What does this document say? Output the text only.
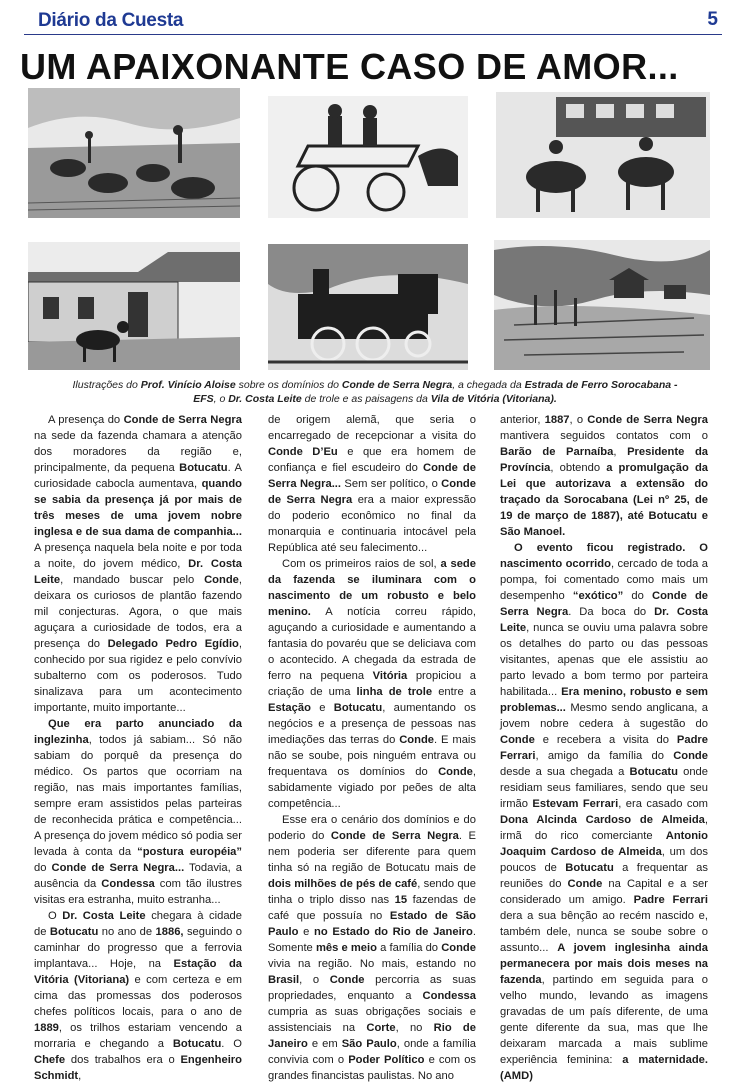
Diário da Cuesta	5
UM APAIXONANTE CASO DE AMOR...
Ilustrações do Prof. Vinício Aloise sobre os domínios do Conde de Serra Negra, a chegada da Estrada de Ferro Sorocabana - EFS, o Dr. Costa Leite de trole e as paisagens da Vila de Vitória (Vitoriana).

A presença do Conde de Serra Negra na sede da fazenda chamara a atenção dos moradores da região e, principalmente, da pequena Botucatu. A curiosidade cabocla aumentava, quando se sabia da presença já por mais de três meses de uma jovem nobre inglesa e de sua dama de companhia... A presença naquela bela noite e por toda a noite, do jovem médico, Dr. Costa Leite, mandado buscar pelo Conde, deixara os curiosos de plantão fazendo mil conjecturas. Agora, o que mais aguçara a curiosidade de todos, era a presença do Delegado Pedro Egídio, conhecido por sua rigidez e pelo convívio subalterno com os poderosos. Tudo sinalizava para um acontecimento importante, muito importante...

Que era parto anunciado da inglezinha, todos já sabiam... Só não sabiam do porquê da presença do médico. Os partos que ocorriam na região, nas mais importantes famílias, sempre eram assistidos pelas parteiras de reconhecida prática e competência... A presença do jovem médico só podia ser levada à conta da “postura européia” do Conde de Serra Negra... Todavia, a ausência da Condessa com tão ilustres visitas era estranha, muito estranha...

O Dr. Costa Leite chegara à cidade de Botucatu no ano de 1886, seguindo o caminhar do progresso que a ferrovia implantava... Hoje, na Estação da Vitória (Vitoriana) e com certeza e em cima das promessas dos poderosos chefes políticos locais, para o ano de 1889, os trilhos estariam vencendo a morraria e chegando a Botucatu. O Chefe dos trabalhos era o Engenheiro Schmidt,

de origem alemã, que seria o encarregado de recepcionar a visita do Conde D’Eu e que era homem de confiança e fiel escudeiro do Conde de Serra Negra... Sem ser político, o Conde de Serra Negra era a maior expressão do poderio econômico no final da monarquia e continuaria intocável pela República até seu falecimento...

Com os primeiros raios de sol, a sede da fazenda se iluminara com o nascimento de um robusto e belo menino. A notícia correu rápido, aguçando a curiosidade e aumentando a fantasia do povaréu que se deliciava com o acontecido. A chegada da estrada de ferro na pequena Vitória propiciou a criação de uma linha de trole entre a Estação e Botucatu, aumentando os negócios e a presença de pessoas nas imediações das terras do Conde. E mais não se soube, pois ninguém entrava ou frequentava os domínios do Conde, sabidamente vigiado por peões de alta competência...

Esse era o cenário dos domínios e do poderio do Conde de Serra Negra. E nem poderia ser diferente para quem tinha só na região de Botucatu mais de dois milhões de pés de café, sendo que tinha o triplo disso nas 15 fazendas de café que possuía no Estado de São Paulo e no Estado do Rio de Janeiro. Somente mês e meio a família do Conde vivia na região. No mais, estando no Brasil, o Conde percorria as suas propriedades, enquanto a Condessa cumpria as suas obrigações sociais e assistenciais na Corte, no Rio de Janeiro e em São Paulo, onde a família convivia com o Poder Político e com os grandes financistas paulistas. No ano

anterior, 1887, o Conde de Serra Negra mantivera seguidos contatos com o Barão de Parnaíba, Presidente da Província, obtendo a promulgação da Lei que autorizava a extensão do traçado da Sorocabana (Lei nº 25, de 19 de março de 1887), até Botucatu e São Manoel.

O evento ficou registrado. O nascimento ocorrido, cercado de toda a pompa, foi comentado como mais um desempenho “exótico” do Conde de Serra Negra. Da boca do Dr. Costa Leite, nunca se ouviu uma palavra sobre os detalhes do parto ou das pessoas visitantes, apenas que ele assistiu ao parto levado a bom termo por parteira habilitada... Era menino, robusto e sem problemas... Mesmo sendo anglicana, a jovem nobre cedera à sugestão do Conde e recebera a visita do Padre Ferrari, amigo da família do Conde desde a sua chegada a Botucatu onde residiam seus familiares, sendo que seu irmão Estevam Ferrari, era casado com Dona Alcinda Cardoso de Almeida, irmã do rico comerciante Antonio Joaquim Cardoso de Almeida, um dos poucos de Botucatu a frequentar as reuniões do Conde na Capital e a ser considerado um amigo. Padre Ferrari dera a sua bênção ao recém nascido e, também dele, nunca se soube sobre o assunto... A jovem inglesinha ainda permanecera por mais dois meses na fazenda, partindo em seguida para o velho mundo, levando as imagens gravadas de um país diferente, de uma gente diferente da sua, mas que lhe deixaram marcada a mais sublime experiência feminina: a maternidade. (AMD)
